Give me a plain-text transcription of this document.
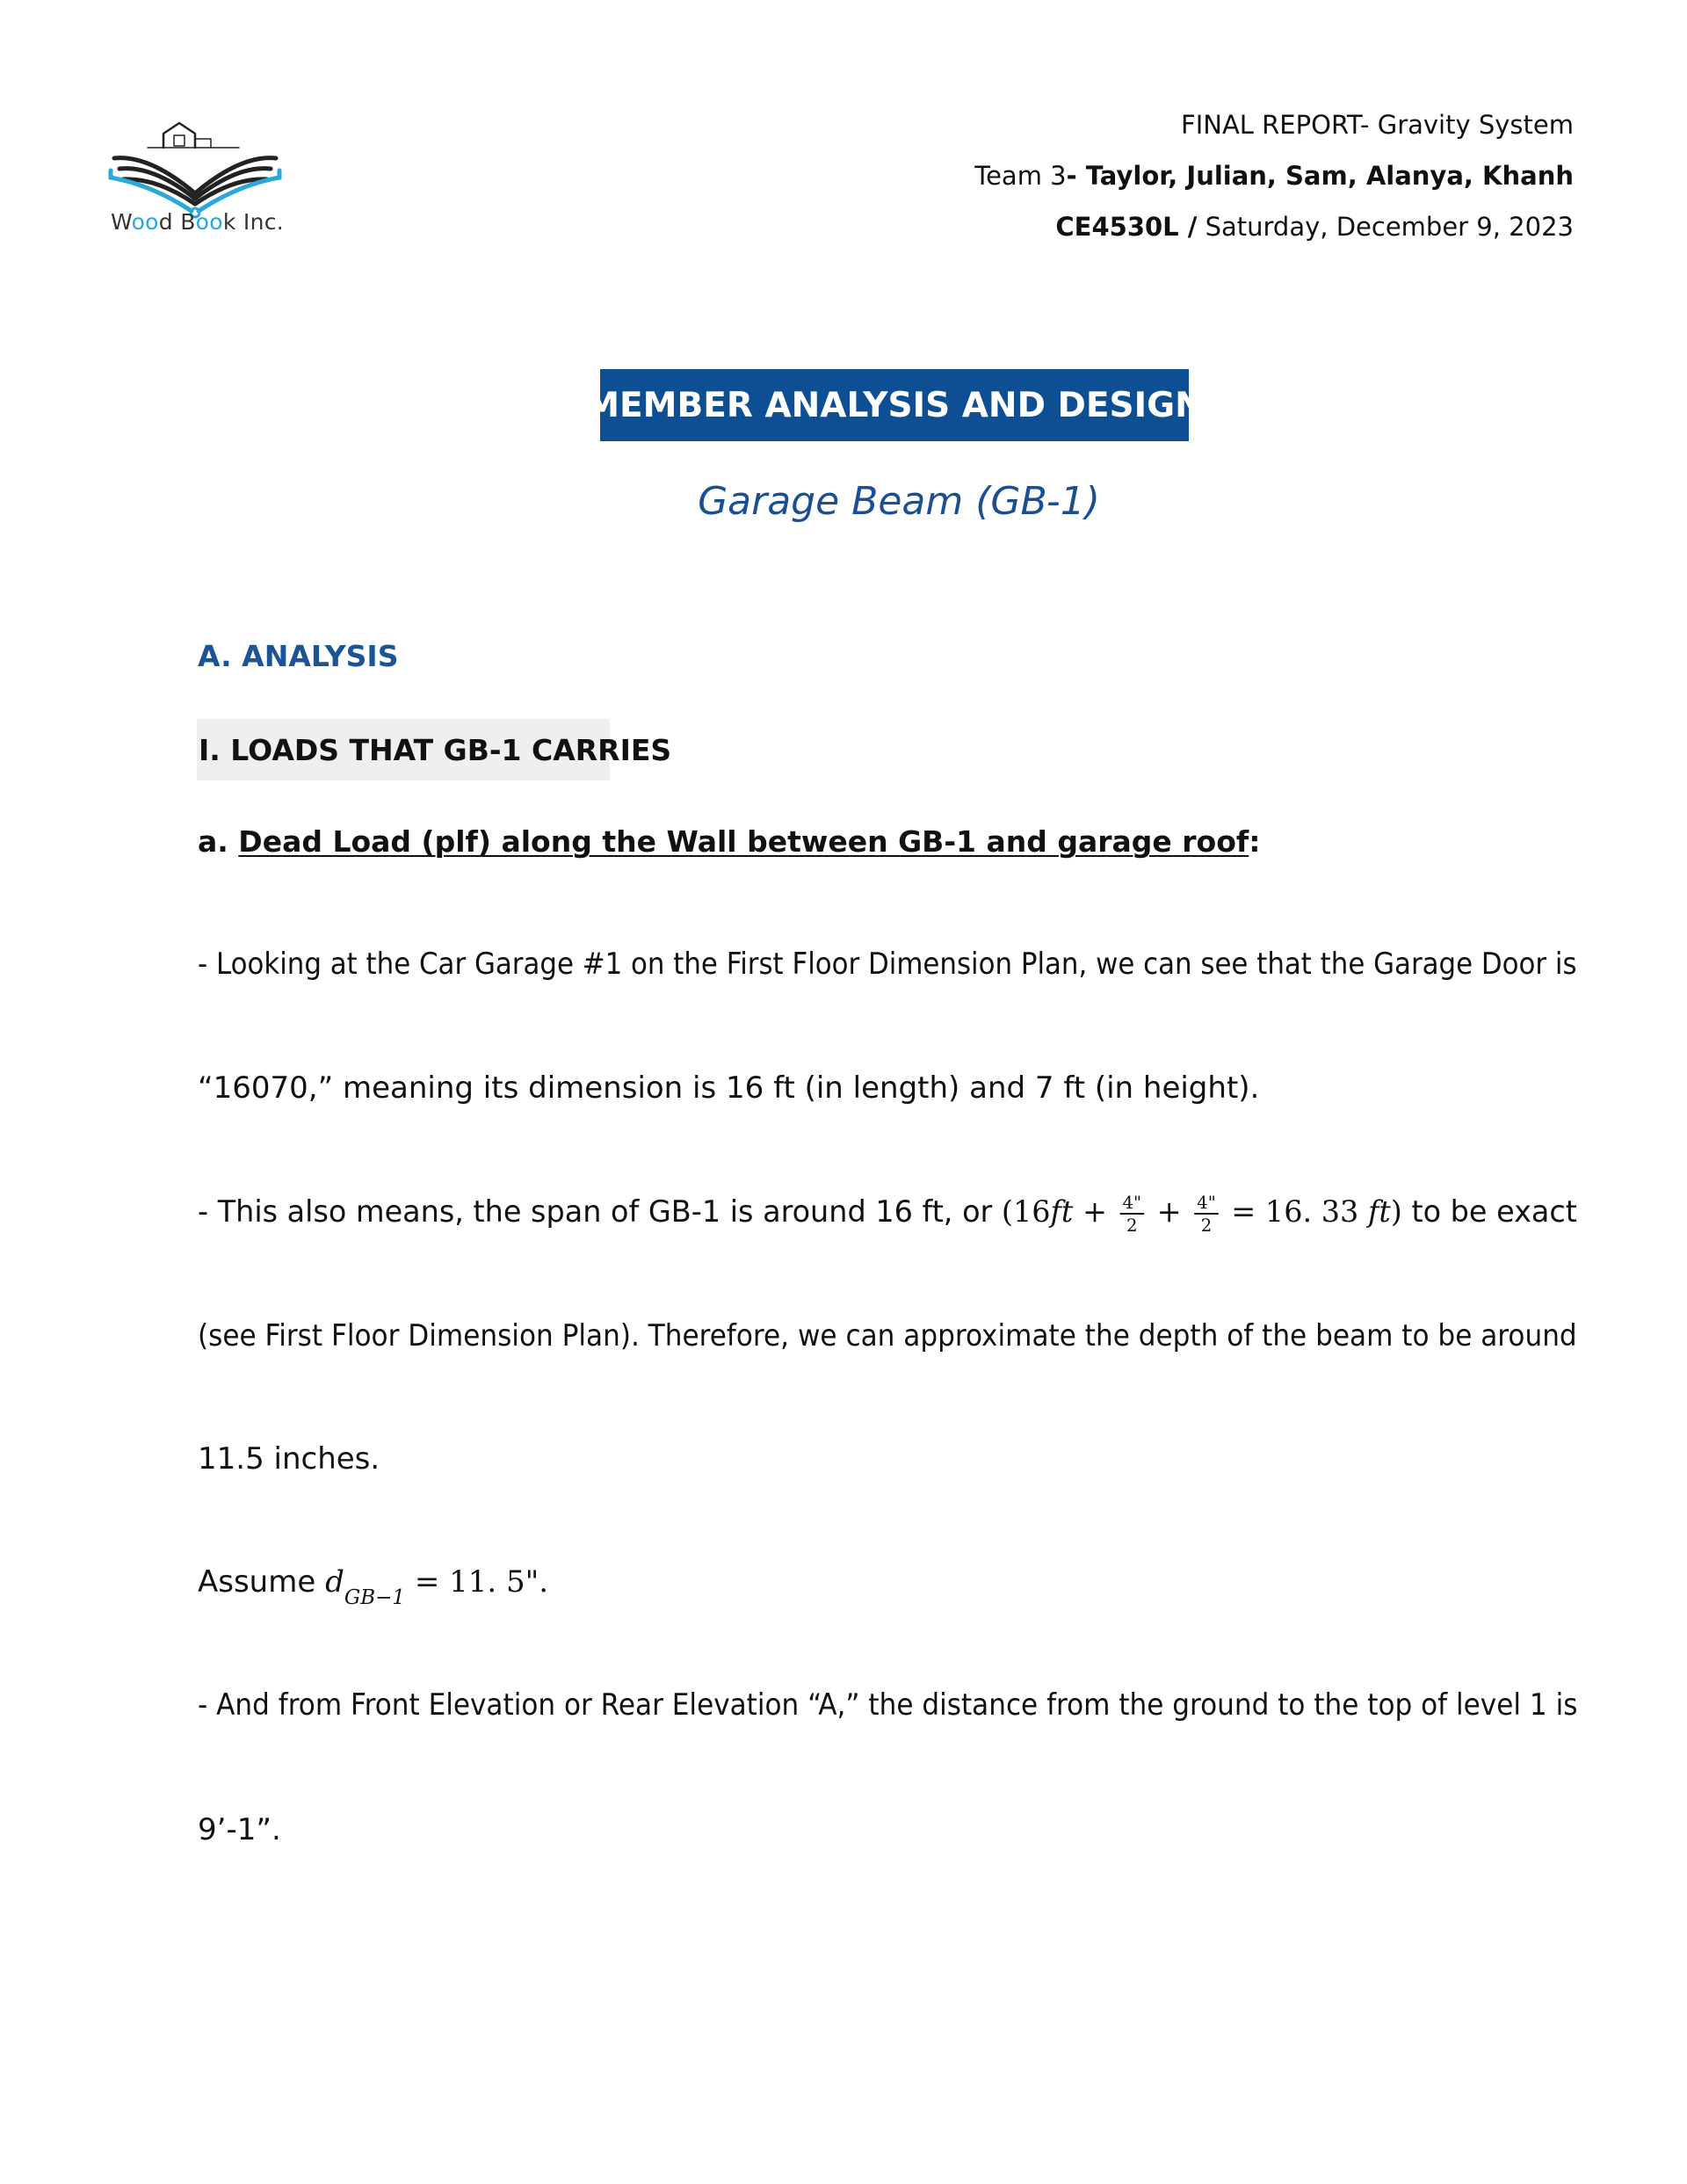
Wood Book Inc.
FINAL REPORT- Gravity System
Team 3- Taylor, Julian, Sam, Alanya, Khanh
CE4530L / Saturday, December 9, 2023
MEMBER ANALYSIS AND DESIGN
Garage Beam (GB-1)
A. ANALYSIS
I. LOADS THAT GB-1 CARRIES
a. Dead Load (plf) along the Wall between GB-1 and garage roof:
- Looking at the Car Garage #1 on the First Floor Dimension Plan, we can see that the Garage Door is
“16070,” meaning its dimension is 16 ft (in length) and 7 ft (in height).
- This also means, the span of GB-1 is around 16 ft, or ($16ft + \frac{4"}{2} + \frac{4"}{2} = 16$. 33 ft) to be exact
(see First Floor Dimension Plan). Therefore, we can approximate the depth of the beam to be around
11.5 inches.
Assume $d_{GB-1} = 11$. 5".
- And from Front Elevation or Rear Elevation “A,” the distance from the ground to the top of level 1 is
9’-1”.
